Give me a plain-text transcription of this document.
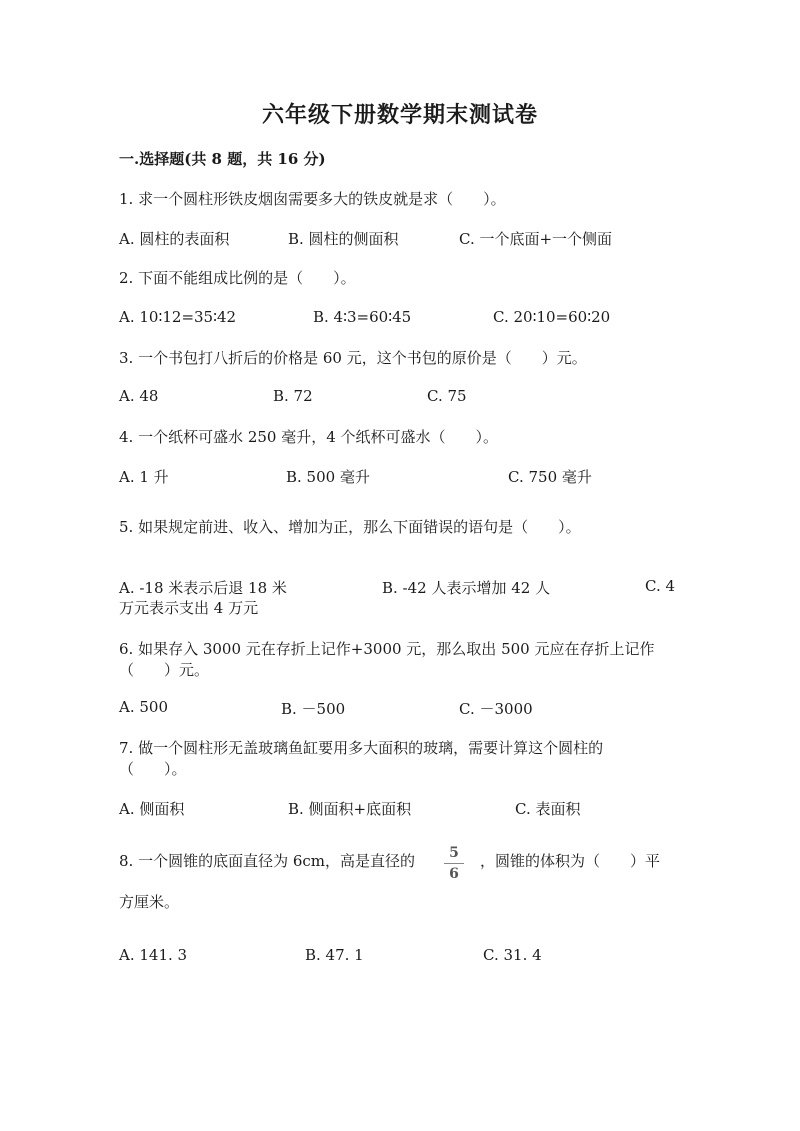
六年级下册数学期末测试卷
一.选择题(共 8 题，共 16 分)
1. 求一个圆柱形铁皮烟囱需要多大的铁皮就是求（　　）。
A. 圆柱的表面积	B. 圆柱的侧面积	C. 一个底面+一个侧面
2. 下面不能组成比例的是（　　）。
A. 10∶12=35∶42	B. 4∶3=60∶45	C. 20∶10=60∶20
3. 一个书包打八折后的价格是 60 元，这个书包的原价是（　　）元。
A. 48	B. 72	C. 75
4. 一个纸杯可盛水 250 毫升，4 个纸杯可盛水（　　）。
A. 1 升	B. 500 毫升	C. 750 毫升
5. 如果规定前进、收入、增加为正，那么下面错误的语句是（　　）。
A. -18 米表示后退 18 米	B. -42 人表示增加 42 人	C. 4
万元表示支出 4 万元
6. 如果存入 3000 元在存折上记作+3000 元，那么取出 500 元应在存折上记作
（　　）元。
A. 500	B. －500	C. －3000
7. 做一个圆柱形无盖玻璃鱼缸要用多大面积的玻璃，需要计算这个圆柱的
（　　）。
A. 侧面积	B. 侧面积+底面积	C. 表面积
8. 一个圆锥的底面直径为 6cm，高是直径的	5
6
，圆锥的体积为（　　）平
方厘米。
A. 141. 3	B. 47. 1	C. 31. 4
